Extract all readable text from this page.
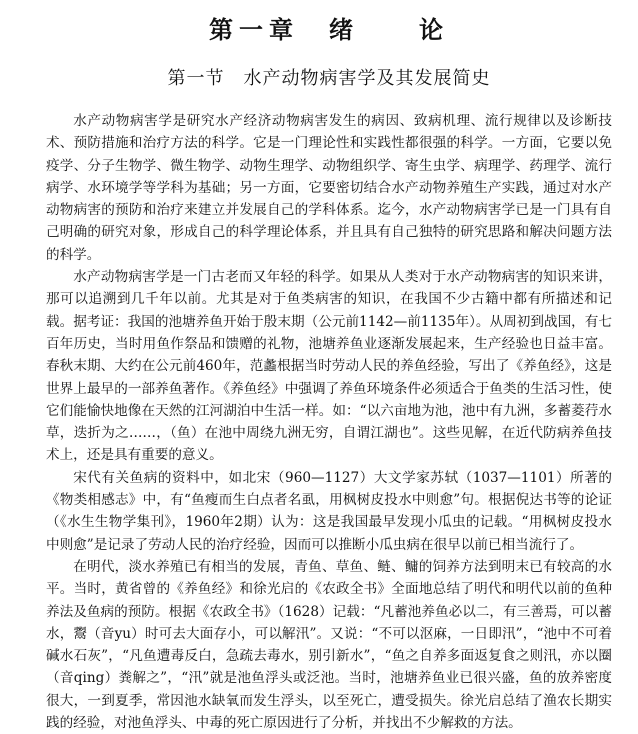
第一章　绪　　论
第一节　水产动物病害学及其发展简史

水产动物病害学是研究水产经济动物病害发生的病因、致病机理、流行规律以及诊断技术、预防措施和治疗方法的科学。它是一门理论性和实践性都很强的科学。一方面，它要以免疫学、分子生物学、微生物学、动物生理学、动物组织学、寄生虫学、病理学、药理学、流行病学、水环境学等学科为基础；另一方面，它要密切结合水产动物养殖生产实践，通过对水产动物病害的预防和治疗来建立并发展自己的学科体系。迄今，水产动物病害学已是一门具有自己明确的研究对象，形成自己的科学理论体系，并且具有自己独特的研究思路和解决问题方法的科学。

水产动物病害学是一门古老而又年轻的科学。如果从人类对于水产动物病害的知识来讲，那可以追溯到几千年以前。尤其是对于鱼类病害的知识，在我国不少古籍中都有所描述和记载。据考证：我国的池塘养鱼开始于殷末期（公元前1142—前1135年）。从周初到战国，有七百年历史，当时用鱼作祭品和馈赠的礼物，池塘养鱼业逐渐发展起来，生产经验也日益丰富。春秋末期、大约在公元前460年，范蠡根据当时劳动人民的养鱼经验，写出了《养鱼经》，这是世界上最早的一部养鱼著作。《养鱼经》中强调了养鱼环境条件必须适合于鱼类的生活习性，使它们能愉快地像在天然的江河湖泊中生活一样。如：“以六亩地为池，池中有九洲，多蓄菱荇水草，迭折为之……，（鱼）在池中周绕九洲无穷，自谓江湖也”。这些见解，在近代防病养鱼技术上，还是具有重要的意义。

宋代有关鱼病的资料中，如北宋（960—1127）大文学家苏轼（1037—1101）所著的《物类相感志》中，有“鱼瘦而生白点者名虱，用枫树皮投水中则愈”句。根据倪达书等的论证（《水生生物学集刊》，1960年2期）认为：这是我国最早发现小瓜虫的记载。“用枫树皮投水中则愈”是记录了劳动人民的治疗经验，因而可以推断小瓜虫病在很早以前已相当流行了。

在明代，淡水养殖已有相当的发展，青鱼、草鱼、鲢、鳙的饲养方法到明末已有较高的水平。当时，黄省曾的《养鱼经》和徐光启的《农政全书》全面地总结了明代和明代以前的鱼种养法及鱼病的预防。根据《农政全书》（1628）记载：“凡蓄池养鱼必以二，有三善焉，可以蓄水，鬻（音yu）时可去大面存小，可以解汛”。又说：“不可以沤麻，一日即汛”，“池中不可着碱水石灰”，“凡鱼遭毒反白，急疏去毒水，别引新水”，“鱼之自养多面返复食之则汛，亦以圈（音qing）粪解之”，“汛”就是池鱼浮头或泛池。当时，池塘养鱼业已很兴盛，鱼的放养密度很大，一到夏季，常因池水缺氧而发生浮头，以至死亡，遭受损失。徐光启总结了渔农长期实践的经验，对池鱼浮头、中毒的死亡原因进行了分析，并找出不少解救的方法。
